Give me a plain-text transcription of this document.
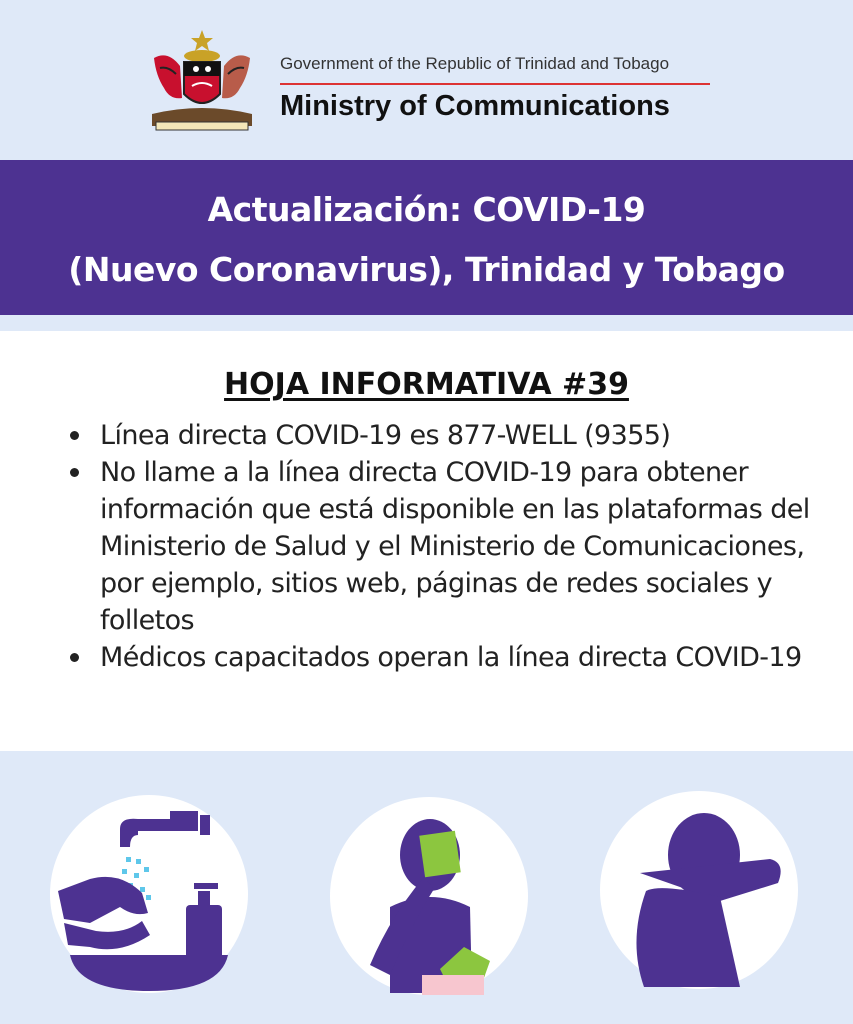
Government of the Republic of Trinidad and Tobago
Ministry of Communications
Actualización: COVID-19
(Nuevo Coronavirus), Trinidad y Tobago
HOJA INFORMATIVA #39
Línea directa COVID-19 es 877-WELL (9355)
No llame a la línea directa COVID-19 para obtener información que está disponible en las plataformas del Ministerio de Salud y el Ministerio de Comunicaciones, por ejemplo, sitios web, páginas de redes sociales y folletos
Médicos capacitados operan la línea directa COVID-19
